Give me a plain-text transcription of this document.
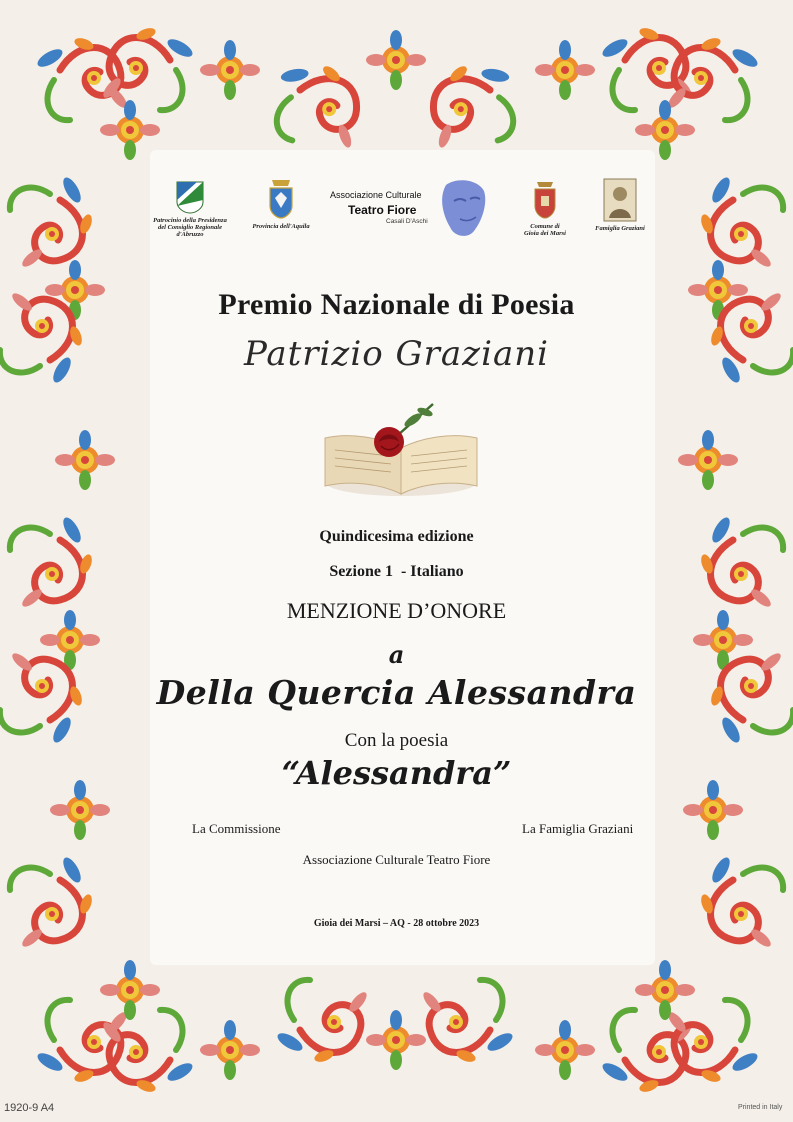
Patrocinio della Presidenza
del Consiglio Regionale
d'Abruzzo
Provincia dell'Aquila
Associazione Culturale
Teatro Fiore
Casali D'Aschi
Comune di
Gioia dei Marsi
Famiglia Graziani
Premio Nazionale di Poesia
Patrizio Graziani
Quindicesima edizione
Sezione 1  - Italiano
MENZIONE D’ONORE
a
Della Quercia Alessandra
Con la poesia
“Alessandra”
La Commissione	La Famiglia Graziani
Associazione Culturale Teatro Fiore
Gioia dei Marsi – AQ - 28 ottobre 2023
1920-9 A4	Printed in Italy
